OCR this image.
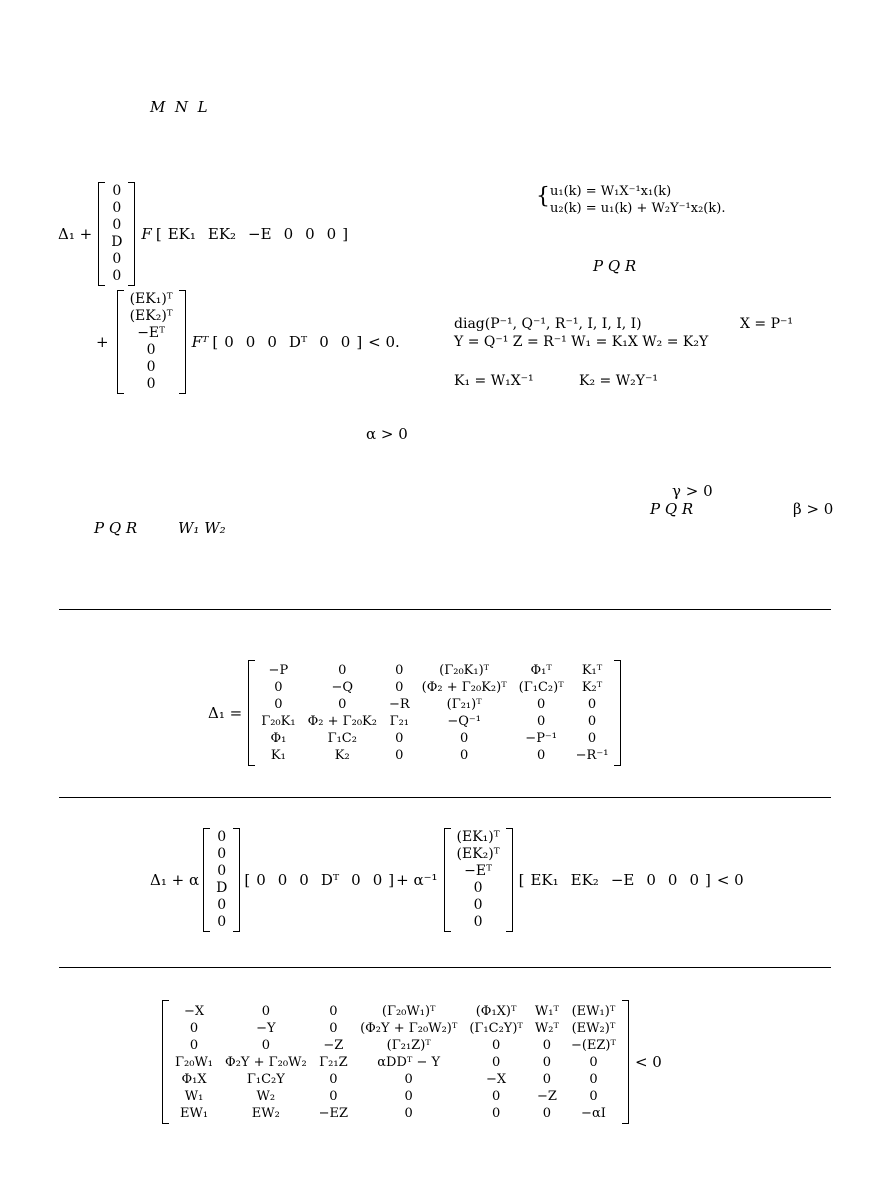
M N L
Δ₁ +
0
0
0
D
0
0
F [ EK₁ EK₂ −E 0 0 0 ]
+
(EK₁)ᵀ
(EK₂)ᵀ
−Eᵀ
0
0
0
Fᵀ [ 0 0 0 Dᵀ 0 0 ] < 0.
α > 0
P Q R	W₁ W₂
{ u₁(k) = W₁X⁻¹x₁(k)
u₂(k) = u₁(k) + W₂Y⁻¹x₂(k).
P Q R
diag(P⁻¹, Q⁻¹, R⁻¹, I, I, I, I)	X = P⁻¹
Y = Q⁻¹ Z = R⁻¹ W₁ = K₁X W₂ = K₂Y
K₁ = W₁X⁻¹	K₂ = W₂Y⁻¹
γ > 0
P Q R	β > 0
Δ₁ =
−P	0	0	(Γ₂₀K₁)ᵀ	Φ₁ᵀ	K₁ᵀ
0	−Q	0	(Φ₂ + Γ₂₀K₂)ᵀ	(Γ₁C₂)ᵀ	K₂ᵀ
0	0	−R	(Γ₂₁)ᵀ	0	0
Γ₂₀K₁	Φ₂ + Γ₂₀K₂	Γ₂₁	−Q⁻¹	0	0
Φ₁	Γ₁C₂	0	0	−P⁻¹	0
K₁	K₂	0	0	0	−R⁻¹
Δ₁ + α
0
0
0
D
0
0
[ 0 0 0 Dᵀ 0 0 ] + α⁻¹
(EK₁)ᵀ
(EK₂)ᵀ
−Eᵀ
0
0
0
[ EK₁ EK₂ −E 0 0 0 ] < 0
−X	0	0	(Γ₂₀W₁)ᵀ	(Φ₁X)ᵀ	W₁ᵀ	(EW₁)ᵀ
0	−Y	0	(Φ₂Y + Γ₂₀W₂)ᵀ	(Γ₁C₂Y)ᵀ	W₂ᵀ	(EW₂)ᵀ
0	0	−Z	(Γ₂₁Z)ᵀ	0	0	−(EZ)ᵀ
Γ₂₀W₁	Φ₂Y + Γ₂₀W₂	Γ₂₁Z	αDDᵀ − Y	0	0	0
Φ₁X	Γ₁C₂Y	0	0	−X	0	0
W₁	W₂	0	0	0	−Z	0
EW₁	EW₂	−EZ	0	0	0	−αI
< 0
